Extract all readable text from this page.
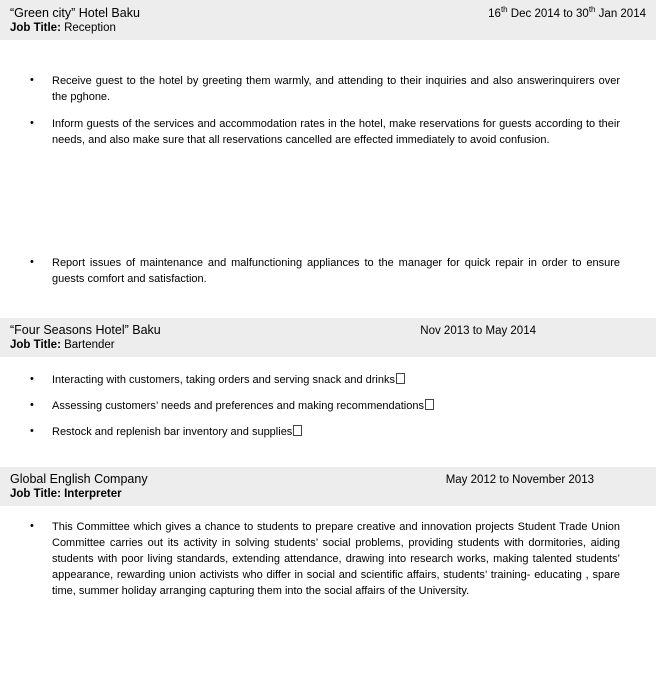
“Green city” Hotel Baku	16th Dec 2014 to 30th Jan 2014
Job Title: Reception
• Receive guest to the hotel by greeting them warmly, and attending to their inquiries and also answerinquirers over the pghone.
• Inform guests of the services and accommodation rates in the hotel, make reservations for guests according to their needs, and also make sure that all reservations cancelled are effected immediately to avoid confusion.
• Report issues of maintenance and malfunctioning appliances to the manager for quick repair in order to ensure guests comfort and satisfaction.
“Four Seasons Hotel” Baku	Nov 2013 to May 2014
Job Title: Bartender
• Interacting with customers, taking orders and serving snack and drinks
• Assessing customers’ needs and preferences and making recommendations
• Restock and replenish bar inventory and supplies
Global English Company	May 2012 to November 2013
Job Title: Interpreter
• This Committee which gives a chance to students to prepare creative and innovation projects Student Trade Union Committee carries out its activity in solving students’ social problems, providing students with dormitories, aiding students with poor living standards, extending attendance, drawing into research works, making talented students’ appearance, rewarding union activists who differ in social and scientific affairs, students’ training- educating , spare time, summer holiday arranging capturing them into the social affairs of the University.
